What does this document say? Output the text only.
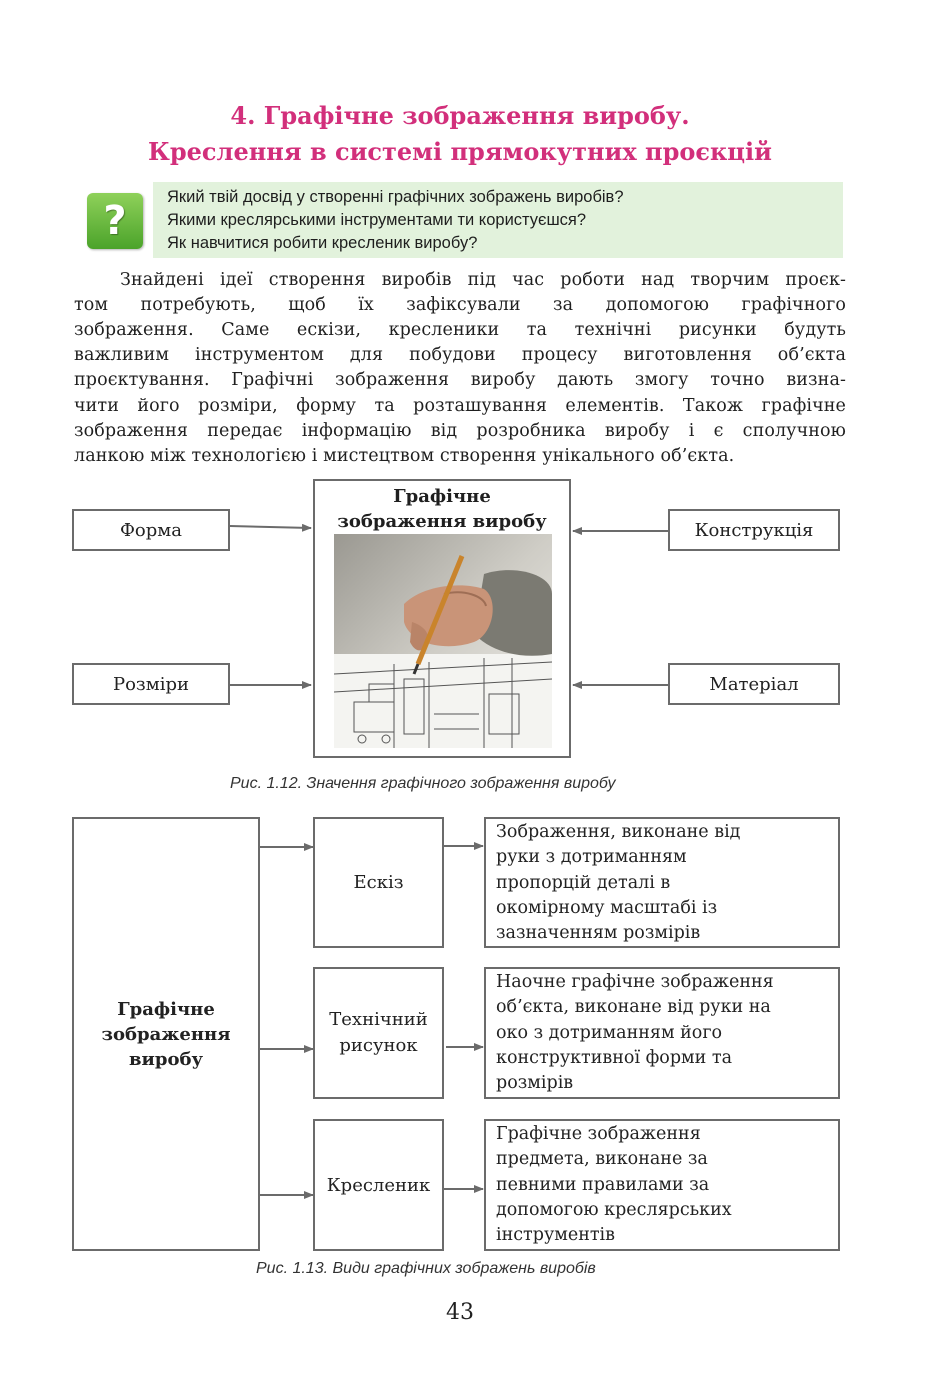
4. Графічне зображення виробу.
Креслення в системі прямокутних проєкцій
?
Який твій досвід у створенні графічних зображень виробів?
Якими креслярськими інструментами ти користуєшся?
Як навчитися робити кресленик виробу?
Знайдені ідеї створення виробів під час роботи над творчим проєк-
том потребують, щоб їх зафіксували за допомогою графічного
зображення. Саме ескізи, кресленики та технічні рисунки будуть
важливим інструментом для побудови процесу виготовлення об’єкта
проєктування. Графічні зображення виробу дають змогу точно визна-
чити його розміри, форму та розташування елементів. Також графічне
зображення передає інформацію від розробника виробу і є сполучною
ланкою між технологією і мистецтвом створення унікального об’єкта.
Форма
Розміри
Конструкція
Матеріал
Графічне
зображення виробу
Рис. 1.12. Значення графічного зображення виробу
Графічне
зображення
виробу
Ескіз
Технічний
рисунок
Кресленик
Зображення, виконане від
руки з дотриманням
пропорцій деталі в
окомірному масштабі із
зазначенням розмірів
Наочне графічне зображення
об’єкта, виконане від руки на
око з дотриманням його
конструктивної форми та
розмірів
Графічне зображення
предмета, виконане за
певними правилами за
допомогою креслярських
інструментів
Рис. 1.13. Види графічних зображень виробів
43
